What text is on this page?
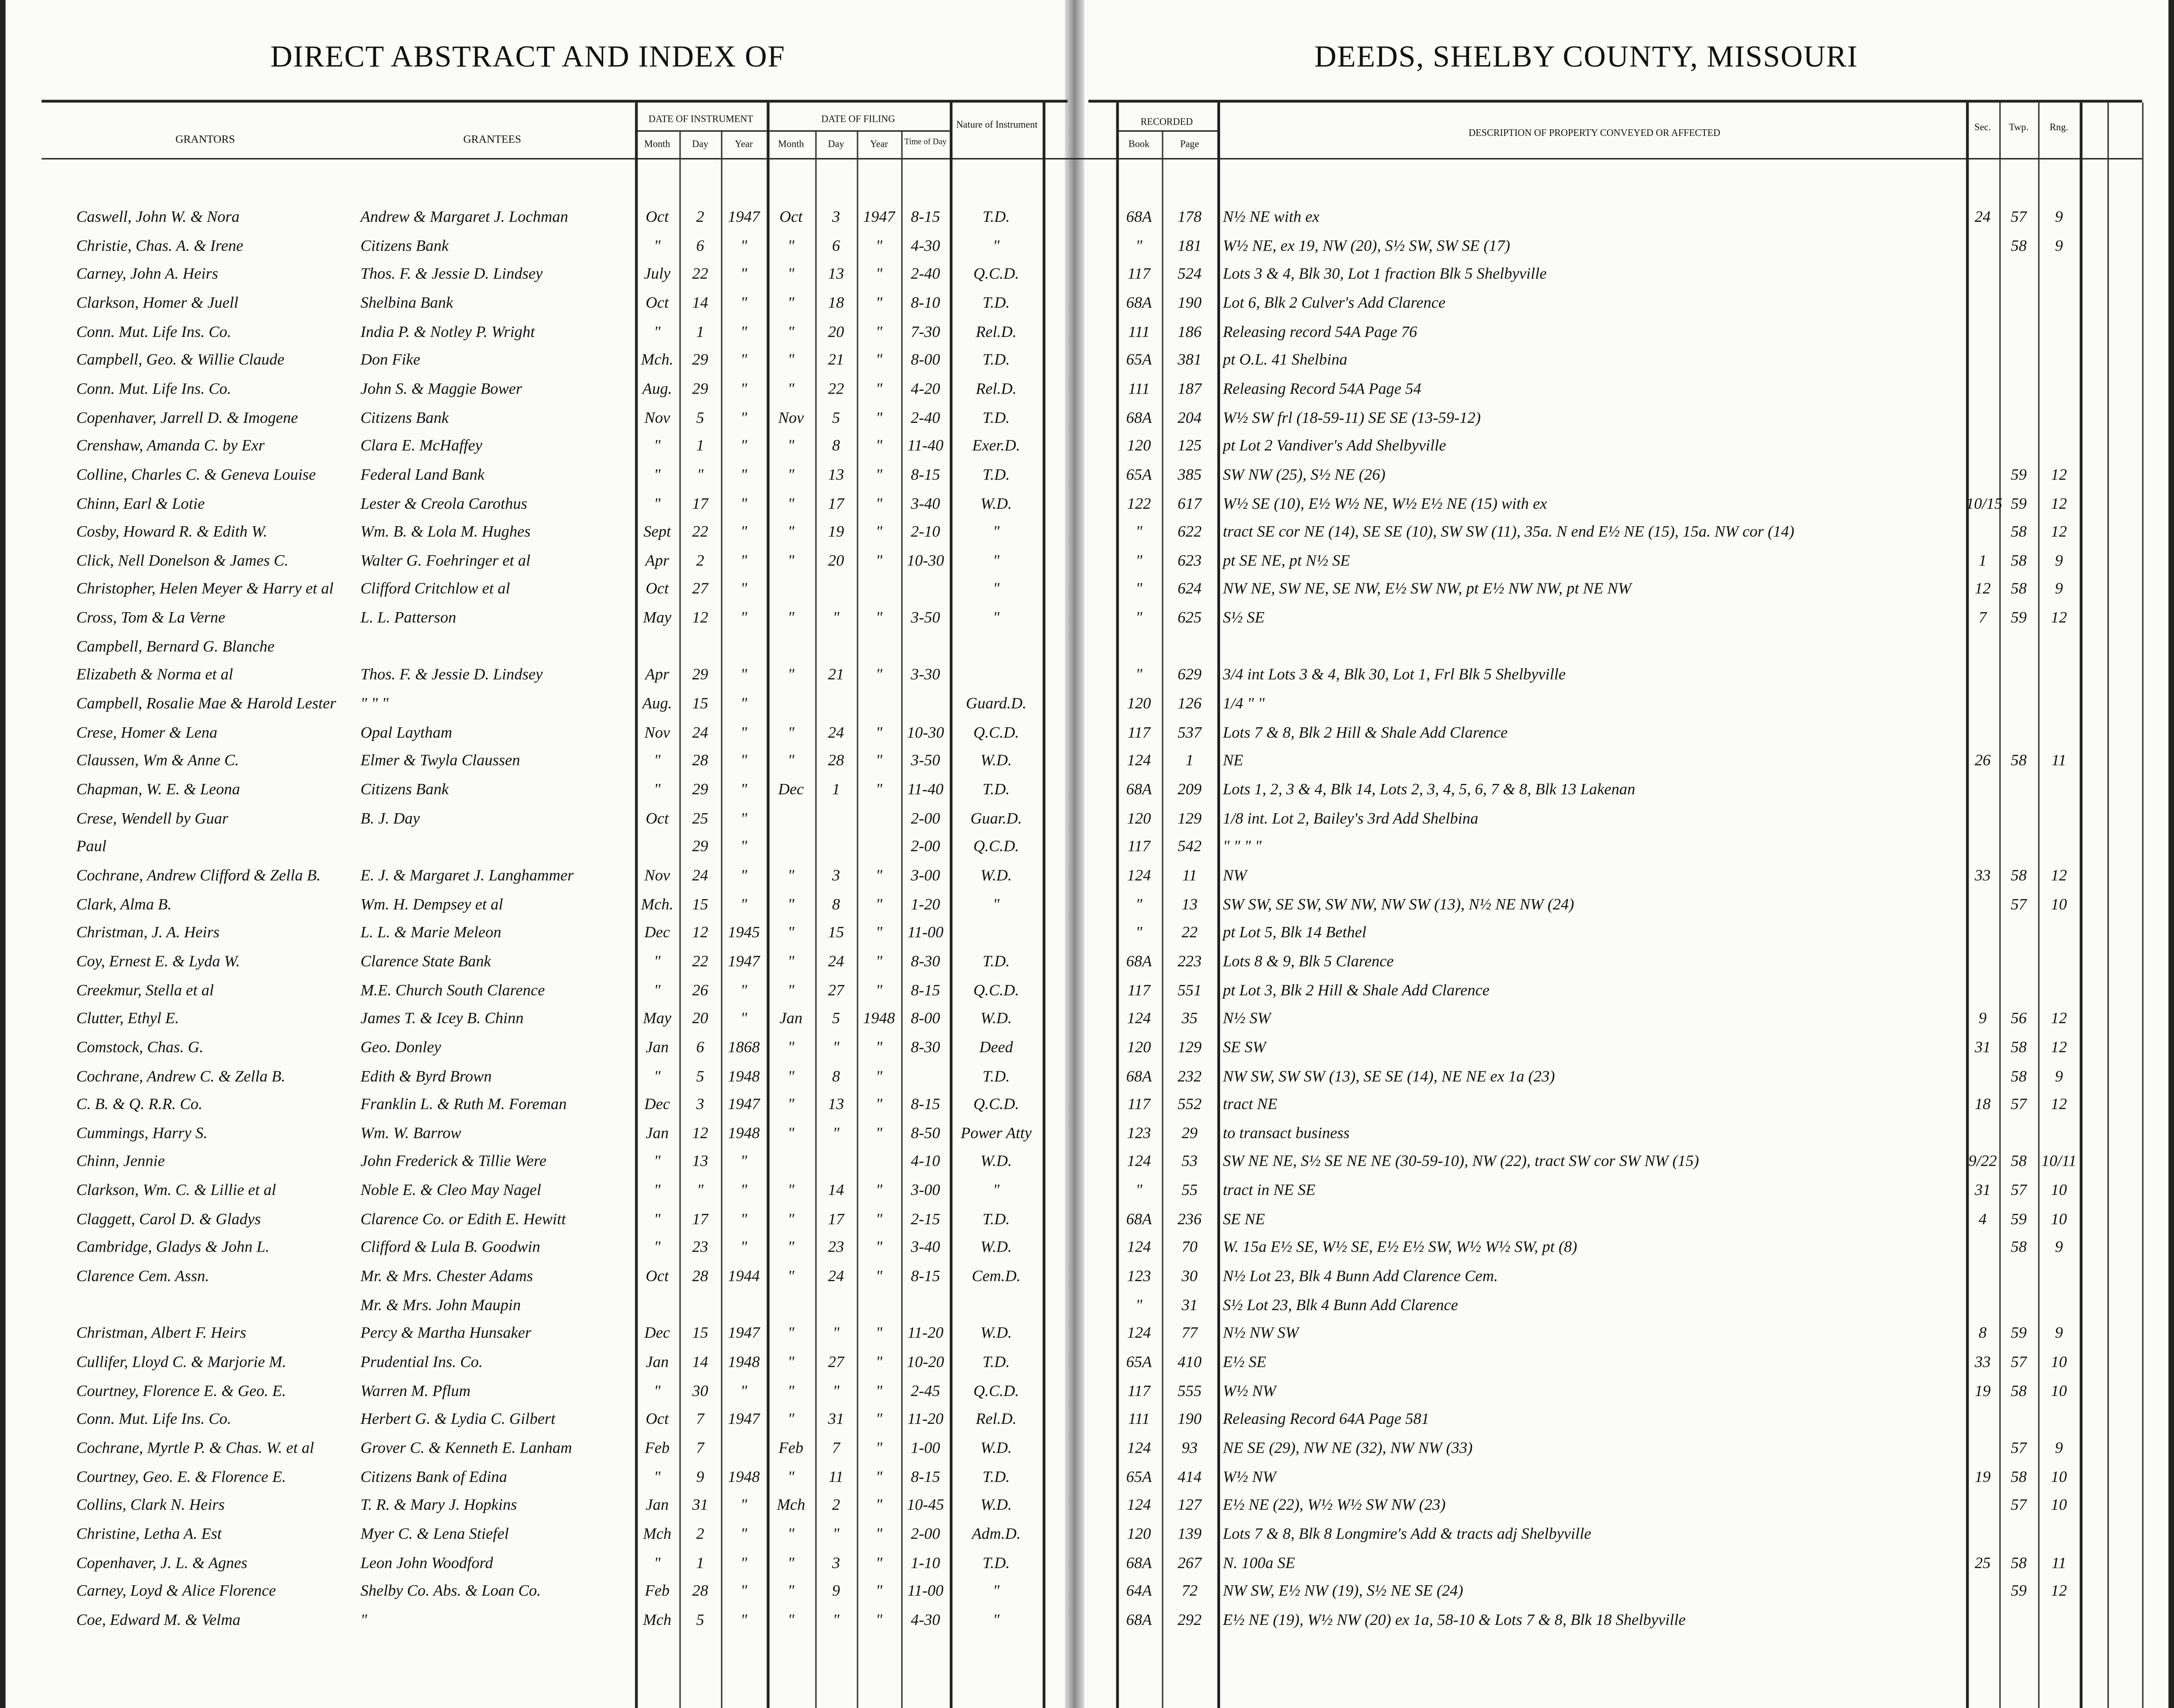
DIRECT ABSTRACT AND INDEX OF	DEEDS, SHELBY COUNTY, MISSOURI
GRANTORS	GRANTEES
DATE OF INSTRUMENT	DATE OF FILING
Month	Day	Year	Month	Day	Year	Time of Day
Nature of Instrument	RECORDED
Book	Page
DESCRIPTION OF PROPERTY CONVEYED OR AFFECTED	Sec.	Twp.	Rng.
Caswell, John W. & Nora	Andrew & Margaret J. Lochman	Oct	2	1947	Oct	3	1947	8-15	T.D.	68A	178	N½ NE with ex	24	57	9
Christie, Chas. A. & Irene	Citizens Bank	"	6	"	"	6	"	4-30	"	"	181	W½ NE, ex 19, NW (20), S½ SW, SW SE (17)	58	9
Carney, John A. Heirs	Thos. F. & Jessie D. Lindsey	July	22	"	"	13	"	2-40	Q.C.D.	117	524	Lots 3 & 4, Blk 30, Lot 1 fraction Blk 5 Shelbyville
Clarkson, Homer & Juell	Shelbina Bank	Oct	14	"	"	18	"	8-10	T.D.	68A	190	Lot 6, Blk 2 Culver's Add Clarence
Conn. Mut. Life Ins. Co.	India P. & Notley P. Wright	"	1	"	"	20	"	7-30	Rel.D.	111	186	Releasing record 54A Page 76
Campbell, Geo. & Willie Claude	Don Fike	Mch.	29	"	"	21	"	8-00	T.D.	65A	381	pt O.L. 41 Shelbina
Conn. Mut. Life Ins. Co.	John S. & Maggie Bower	Aug.	29	"	"	22	"	4-20	Rel.D.	111	187	Releasing Record 54A Page 54
Copenhaver, Jarrell D. & Imogene	Citizens Bank	Nov	5	"	Nov	5	"	2-40	T.D.	68A	204	W½ SW frl (18-59-11) SE SE (13-59-12)
Crenshaw, Amanda C. by Exr	Clara E. McHaffey	"	1	"	"	8	"	11-40	Exer.D.	120	125	pt Lot 2 Vandiver's Add Shelbyville
Colline, Charles C. & Geneva Louise	Federal Land Bank	"	"	"	"	13	"	8-15	T.D.	65A	385	SW NW (25), S½ NE (26)	59	12
Chinn, Earl & Lotie	Lester & Creola Carothus	"	17	"	"	17	"	3-40	W.D.	122	617	W½ SE (10), E½ W½ NE, W½ E½ NE (15) with ex	10/15	59	12
Cosby, Howard R. & Edith W.	Wm. B. & Lola M. Hughes	Sept	22	"	"	19	"	2-10	"	"	622	tract SE cor NE (14), SE SE (10), SW SW (11), 35a. N end E½ NE (15), 15a. NW cor (14)	58	12
Click, Nell Donelson & James C.	Walter G. Foehringer et al	Apr	2	"	"	20	"	10-30	"	"	623	pt SE NE, pt N½ SE	1	58	9
Christopher, Helen Meyer & Harry et al	Clifford Critchlow et al	Oct	27	"	"	"	624	NW NE, SW NE, SE NW, E½ SW NW, pt E½ NW NW, pt NE NW	12	58	9
Cross, Tom & La Verne	L. L. Patterson	May	12	"	"	"	"	3-50	"	"	625	S½ SE	7	59	12
Campbell, Bernard G. Blanche
Elizabeth & Norma et al	Thos. F. & Jessie D. Lindsey	Apr	29	"	"	21	"	3-30	"	629	3/4 int Lots 3 & 4, Blk 30, Lot 1, Frl Blk 5 Shelbyville
Campbell, Rosalie Mae & Harold Lester	" " "	Aug.	15	"	Guard.D.	120	126	1/4 " "
Crese, Homer & Lena	Opal Laytham	Nov	24	"	"	24	"	10-30	Q.C.D.	117	537	Lots 7 & 8, Blk 2 Hill & Shale Add Clarence
Claussen, Wm & Anne C.	Elmer & Twyla Claussen	"	28	"	"	28	"	3-50	W.D.	124	1	NE	26	58	11
Chapman, W. E. & Leona	Citizens Bank	"	29	"	Dec	1	"	11-40	T.D.	68A	209	Lots 1, 2, 3 & 4, Blk 14, Lots 2, 3, 4, 5, 6, 7 & 8, Blk 13 Lakenan
Crese, Wendell by Guar	B. J. Day	Oct	25	"	2-00	Guar.D.	120	129	1/8 int. Lot 2, Bailey's 3rd Add Shelbina
Paul	29	"	2-00	Q.C.D.	117	542	" " " "
Cochrane, Andrew Clifford & Zella B.	E. J. & Margaret J. Langhammer	Nov	24	"	"	3	"	3-00	W.D.	124	11	NW	33	58	12
Clark, Alma B.	Wm. H. Dempsey et al	Mch.	15	"	"	8	"	1-20	"	"	13	SW SW, SE SW, SW NW, NW SW (13), N½ NE NW (24)	57	10
Christman, J. A. Heirs	L. L. & Marie Meleon	Dec	12	1945	"	15	"	11-00	"	22	pt Lot 5, Blk 14 Bethel
Coy, Ernest E. & Lyda W.	Clarence State Bank	"	22	1947	"	24	"	8-30	T.D.	68A	223	Lots 8 & 9, Blk 5 Clarence
Creekmur, Stella et al	M.E. Church South Clarence	"	26	"	"	27	"	8-15	Q.C.D.	117	551	pt Lot 3, Blk 2 Hill & Shale Add Clarence
Clutter, Ethyl E.	James T. & Icey B. Chinn	May	20	"	Jan	5	1948	8-00	W.D.	124	35	N½ SW	9	56	12
Comstock, Chas. G.	Geo. Donley	Jan	6	1868	"	"	"	8-30	Deed	120	129	SE SW	31	58	12
Cochrane, Andrew C. & Zella B.	Edith & Byrd Brown	"	5	1948	"	8	"	T.D.	68A	232	NW SW, SW SW (13), SE SE (14), NE NE ex 1a (23)	58	9
C. B. & Q. R.R. Co.	Franklin L. & Ruth M. Foreman	Dec	3	1947	"	13	"	8-15	Q.C.D.	117	552	tract NE	18	57	12
Cummings, Harry S.	Wm. W. Barrow	Jan	12	1948	"	"	"	8-50	Power Atty	123	29	to transact business
Chinn, Jennie	John Frederick & Tillie Were	"	13	"	4-10	W.D.	124	53	SW NE NE, S½ SE NE NE (30-59-10), NW (22), tract SW cor SW NW (15)	9/22	58	10/11
Clarkson, Wm. C. & Lillie et al	Noble E. & Cleo May Nagel	"	"	"	"	14	"	3-00	"	"	55	tract in NE SE	31	57	10
Claggett, Carol D. & Gladys	Clarence Co. or Edith E. Hewitt	"	17	"	"	17	"	2-15	T.D.	68A	236	SE NE	4	59	10
Cambridge, Gladys & John L.	Clifford & Lula B. Goodwin	"	23	"	"	23	"	3-40	W.D.	124	70	W. 15a E½ SE, W½ SE, E½ E½ SW, W½ W½ SW, pt (8)	58	9
Clarence Cem. Assn.	Mr. & Mrs. Chester Adams	Oct	28	1944	"	24	"	8-15	Cem.D.	123	30	N½ Lot 23, Blk 4 Bunn Add Clarence Cem.
Mr. & Mrs. John Maupin	"	31	S½ Lot 23, Blk 4 Bunn Add Clarence
Christman, Albert F. Heirs	Percy & Martha Hunsaker	Dec	15	1947	"	"	"	11-20	W.D.	124	77	N½ NW SW	8	59	9
Cullifer, Lloyd C. & Marjorie M.	Prudential Ins. Co.	Jan	14	1948	"	27	"	10-20	T.D.	65A	410	E½ SE	33	57	10
Courtney, Florence E. & Geo. E.	Warren M. Pflum	"	30	"	"	"	"	2-45	Q.C.D.	117	555	W½ NW	19	58	10
Conn. Mut. Life Ins. Co.	Herbert G. & Lydia C. Gilbert	Oct	7	1947	"	31	"	11-20	Rel.D.	111	190	Releasing Record 64A Page 581
Cochrane, Myrtle P. & Chas. W. et al	Grover C. & Kenneth E. Lanham	Feb	7	Feb	7	"	1-00	W.D.	124	93	NE SE (29), NW NE (32), NW NW (33)	57	9
Courtney, Geo. E. & Florence E.	Citizens Bank of Edina	"	9	1948	"	11	"	8-15	T.D.	65A	414	W½ NW	19	58	10
Collins, Clark N. Heirs	T. R. & Mary J. Hopkins	Jan	31	"	Mch	2	"	10-45	W.D.	124	127	E½ NE (22), W½ W½ SW NW (23)	57	10
Christine, Letha A. Est	Myer C. & Lena Stiefel	Mch	2	"	"	"	"	2-00	Adm.D.	120	139	Lots 7 & 8, Blk 8 Longmire's Add & tracts adj Shelbyville
Copenhaver, J. L. & Agnes	Leon John Woodford	"	1	"	"	3	"	1-10	T.D.	68A	267	N. 100a SE	25	58	11
Carney, Loyd & Alice Florence	Shelby Co. Abs. & Loan Co.	Feb	28	"	"	9	"	11-00	"	64A	72	NW SW, E½ NW (19), S½ NE SE (24)	59	12
Coe, Edward M. & Velma	"	Mch	5	"	"	"	"	4-30	"	68A	292	E½ NE (19), W½ NW (20) ex 1a, 58-10 & Lots 7 & 8, Blk 18 Shelbyville
